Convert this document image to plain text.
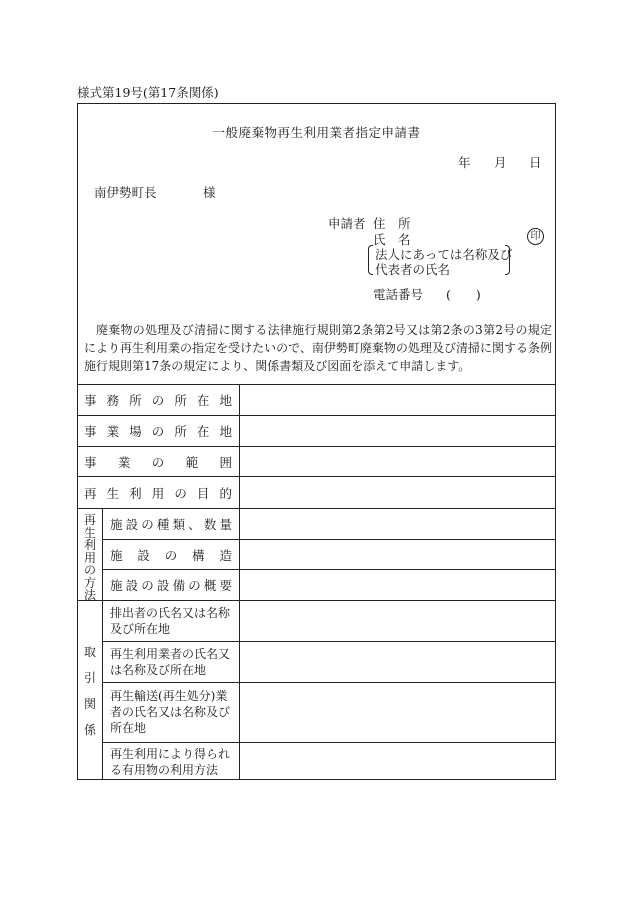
様式第19号(第17条関係)
一般廃棄物再生利用業者指定申請書
年 月 日
南伊勢町長	様
申請者 住　所
氏　名	印
法人にあっては名称及び
代表者の氏名
電話番号 (　　)
廃棄物の処理及び清掃に関する法律施行規則第2条第2号又は第2条の3第2号の規定により再生利用業の指定を受けたいので、南伊勢町廃棄物の処理及び清掃に関する条例施行規則第17条の規定により、関係書類及び図面を添えて申請します。
事 務 所 の 所 在 地
事 業 場 の 所 在 地
事 業 の 範 囲
再 生 利 用 の 目 的
再
生
利
用
の
方
法
施 設 の 種 類 、 数 量
施 設 の 構 造
施 設 の 設 備 の 概 要
取
引
関
係
排出者の氏名又は名称
及び所在地
再生利用業者の氏名又
は名称及び所在地
再生輸送(再生処分)業
者の氏名又は名称及び
所在地
再生利用により得られ
る有用物の利用方法
